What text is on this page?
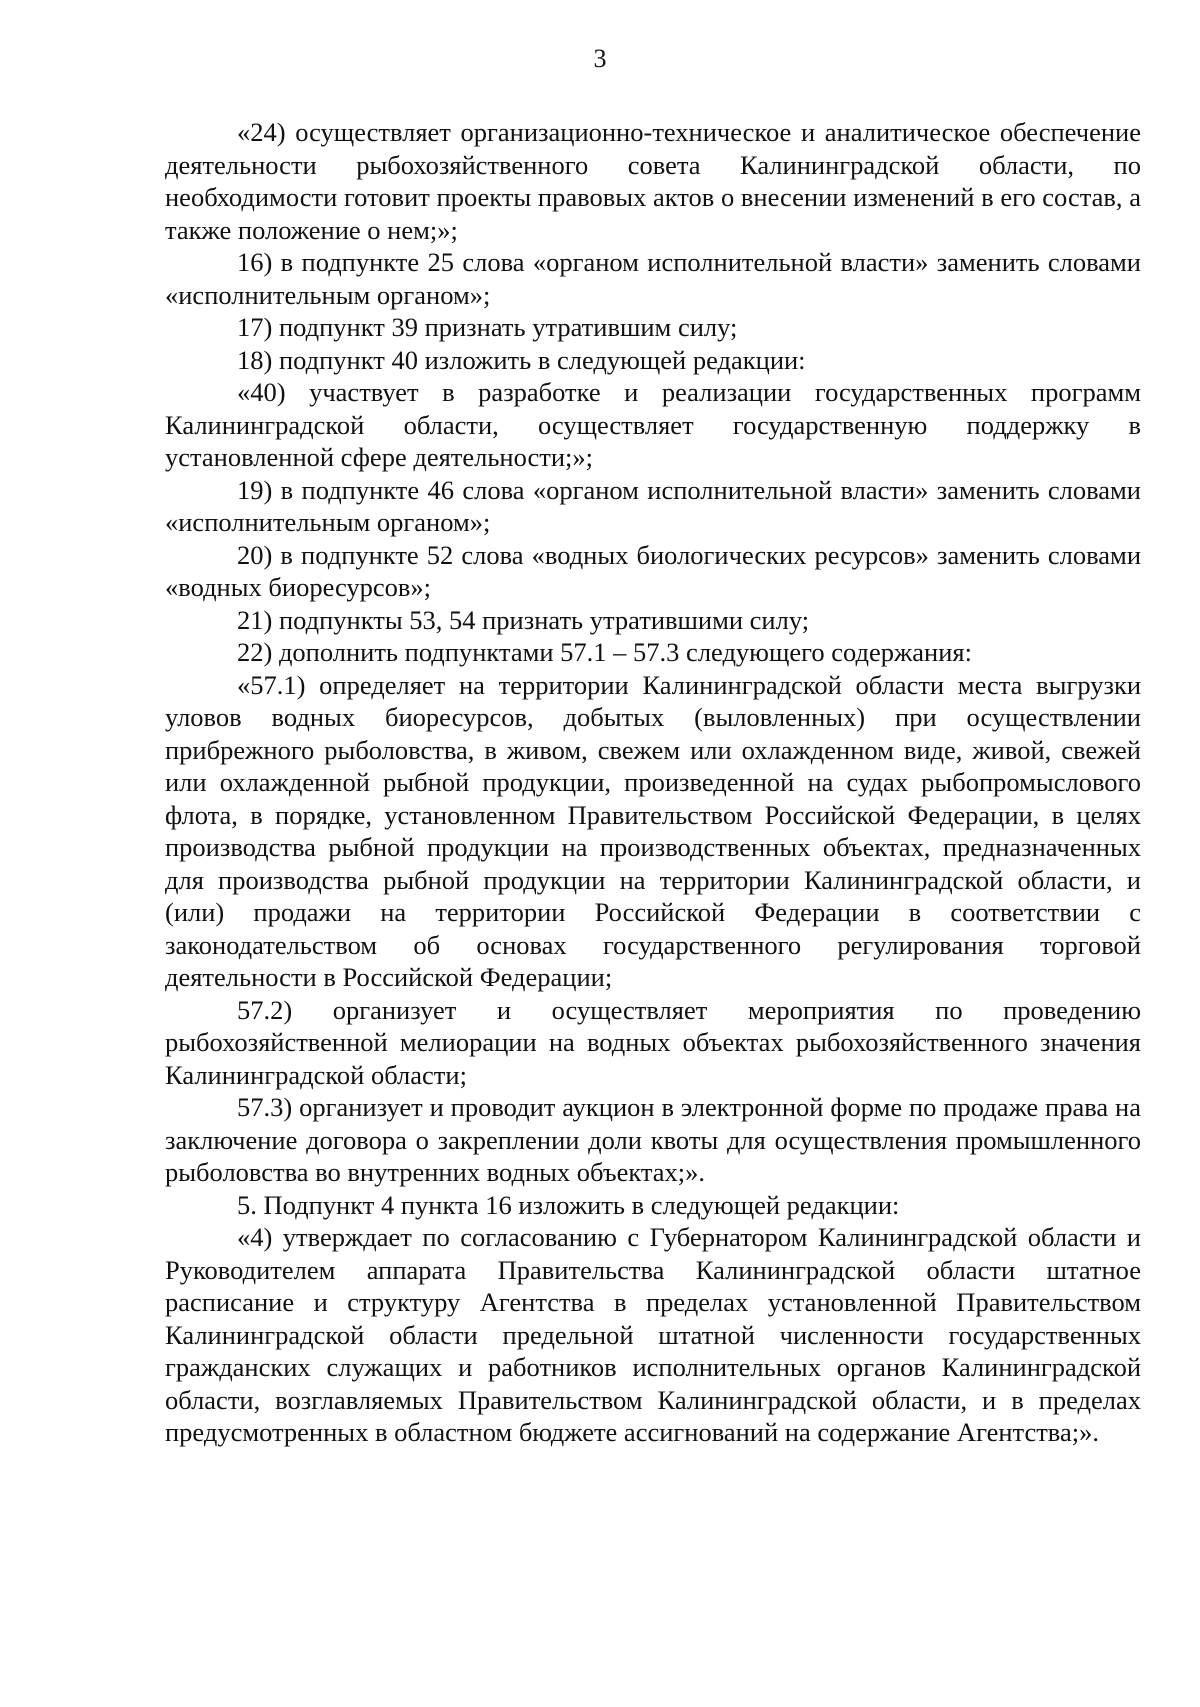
3

«24) осуществляет организационно-техническое и аналитическое обеспечение деятельности рыбохозяйственного совета Калининградской области, по необходимости готовит проекты правовых актов о внесении изменений в его состав, а также положение о нем;»;

16) в подпункте 25 слова «органом исполнительной власти» заменить словами «исполнительным органом»;

17) подпункт 39 признать утратившим силу;

18) подпункт 40 изложить в следующей редакции:

«40) участвует в разработке и реализации государственных программ Калининградской области, осуществляет государственную поддержку в установленной сфере деятельности;»;

19) в подпункте 46 слова «органом исполнительной власти» заменить словами «исполнительным органом»;

20) в подпункте 52 слова «водных биологических ресурсов» заменить словами «водных биоресурсов»;

21) подпункты 53, 54 признать утратившими силу;

22) дополнить подпунктами 57.1 – 57.3 следующего содержания:

«57.1) определяет на территории Калининградской области места выгрузки уловов водных биоресурсов, добытых (выловленных) при осуществлении прибрежного рыболовства, в живом, свежем или охлажденном виде, живой, свежей или охлажденной рыбной продукции, произведенной на судах рыбопромыслового флота, в порядке, установленном Правительством Российской Федерации, в целях производства рыбной продукции на производственных объектах, предназначенных для производства рыбной продукции на территории Калининградской области, и (или) продажи на территории Российской Федерации в соответствии с законодательством об основах государственного регулирования торговой деятельности в Российской Федерации;

57.2) организует и осуществляет мероприятия по проведению рыбохозяйственной мелиорации на водных объектах рыбохозяйственного значения Калининградской области;

57.3) организует и проводит аукцион в электронной форме по продаже права на заключение договора о закреплении доли квоты для осуществления промышленного рыболовства во внутренних водных объектах;».

5. Подпункт 4 пункта 16 изложить в следующей редакции:

«4) утверждает по согласованию с Губернатором Калининградской области и Руководителем аппарата Правительства Калининградской области штатное расписание и структуру Агентства в пределах установленной Правительством Калининградской области предельной штатной численности государственных гражданских служащих и работников исполнительных органов Калининградской области, возглавляемых Правительством Калининградской области, и в пределах предусмотренных в областном бюджете ассигнований на содержание Агентства;».
